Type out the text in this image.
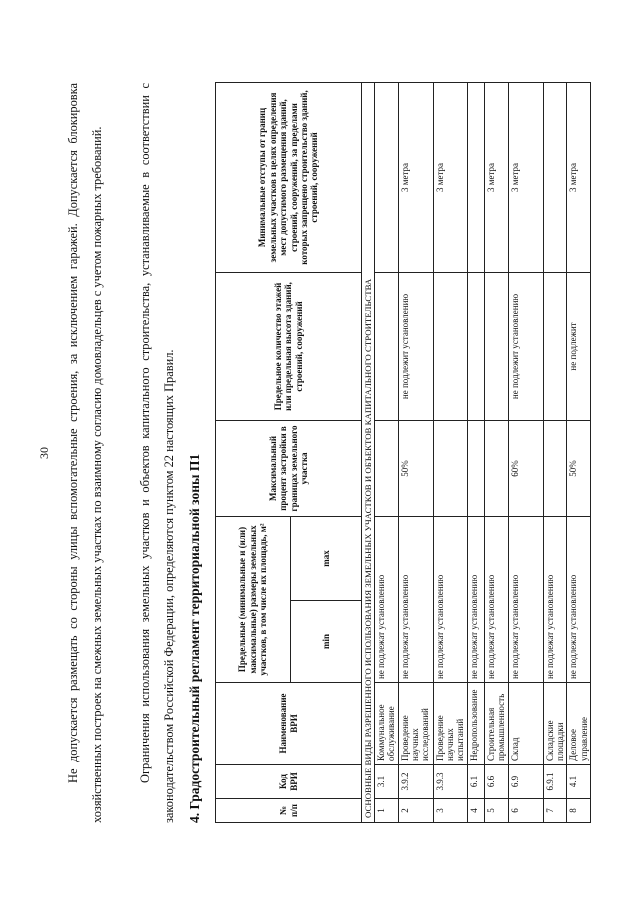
30	Не допускается размещать со стороны улицы вспомогательные строения, за исключением гаражей. Допускается блокировка хозяйственных построек на смежных земельных участках по взаимному согласию домовладельцев с учетом пожарных требований.	Ограничения использования земельных участков и объектов капитального строительства, устанавливаемые в соответствии с законодательством Российской Федерации, определяются пунктом 22 настоящих Правил. 4. Градостроительный регламент территориальной зоны П1	№ п/п	Код ВРИ	Наименование ВРИ	Предельные (минимальные и (или) максимальные) размеры земельных участков, в том числе их площадь, м²		Максимальный процент застройки в границах земельного участка	Предельное количество этажей или предельная высота зданий, строений, сооружений	Минимальные отступы от границ земельных участков в целях определения мест допустимого размещения зданий, строений, сооружений, за пределами которых запрещено строительство зданий, строений, сооружений
			min	max			
ОСНОВНЫЕ ВИДЫ РАЗРЕШЕННОГО ИСПОЛЬЗОВАНИЯ ЗЕМЕЛЬНЫХ УЧАСТКОВ И ОБЪЕКТОВ КАПИТАЛЬНОГО СТРОИТЕЛЬСТВА							
1	3.1	Коммунальное обслуживание	не подлежат установлению				
2	3.9.2	Проведение научных исследований	не подлежат установлению		50%	не подлежит установлению	3 метра
3	3.9.3	Проведение научных испытаний	не подлежат установлению				3 метра
4	6.1	Недропользование	не подлежат установлению				
5	6.6	Строительная промышленность	не подлежат установлению				3 метра
6	6.9	Склад	не подлежат установлению		60%	не подлежит установлению	3 метра
7	6.9.1	Складские площадки	не подлежат установлению				
8	4.1	Деловое управление	не подлежат установлению		50%	не подлежит	3 метра
